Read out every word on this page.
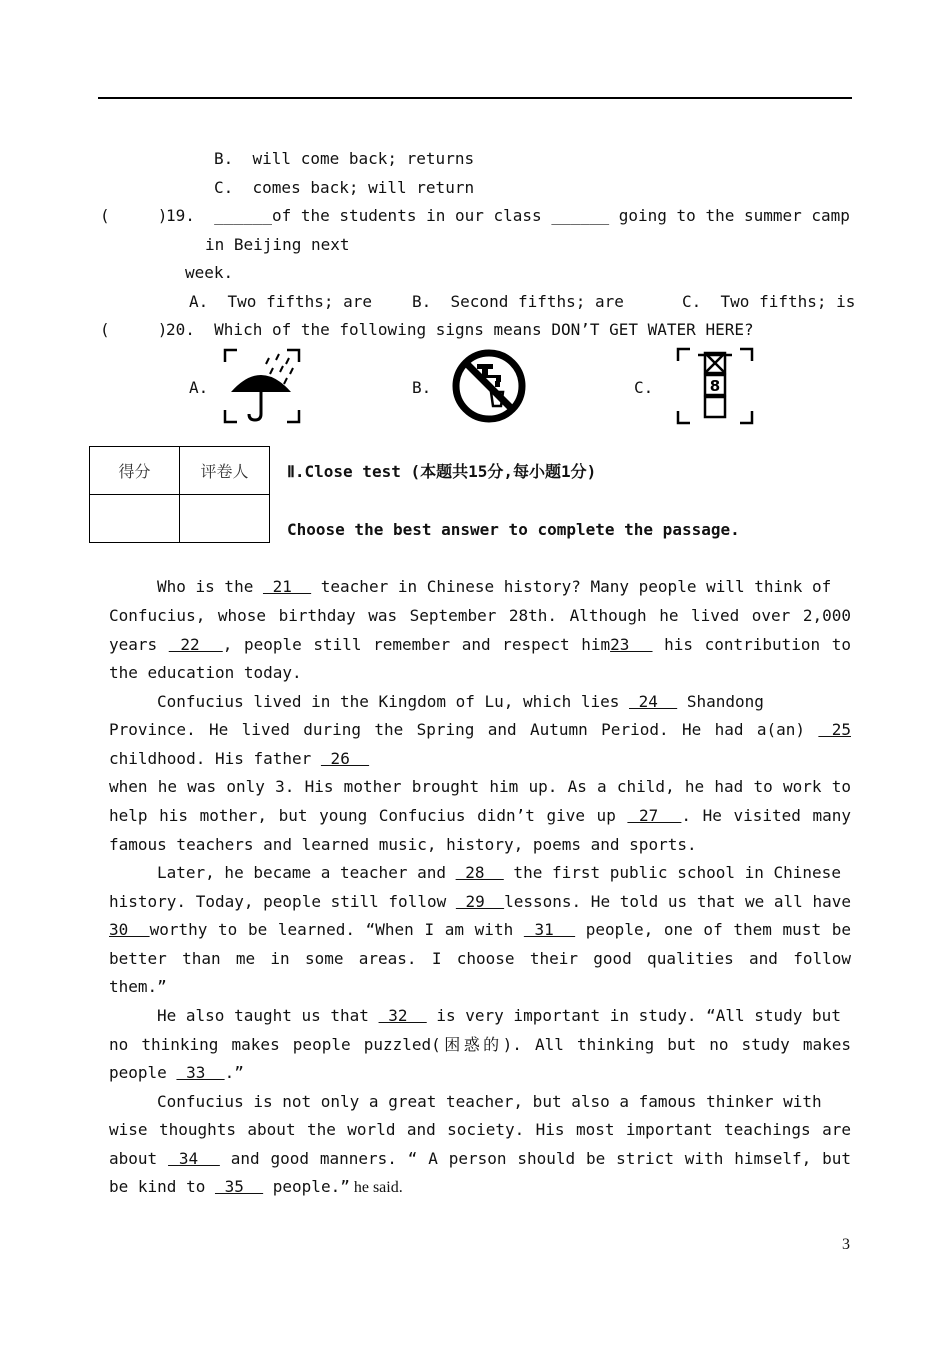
B.  will come back; returns
C.  comes back; will return
(     )
19.  ______of the students in our class ______ going to the summer camp
in Beijing next
week.
A.  Two fifths; are B.  Second fifths; are	C.  Two fifths; is
(     )
20.  Which of the following signs means DON’T GET WATER HERE?
A.	B.	C.	8
得分	评卷人
	Ⅱ.Close test (本题共15分,每小题1分)
Choose the best answer to complete the passage.
Who is the  21   teacher in Chinese history? Many people will think of
Confucius, whose birthday was September 28th. Although he lived over 2,000
years  22  , people still remember and respect him23   his contribution to
the education today.
Confucius lived in the Kingdom of Lu, which lies  24   Shandong
Province. He lived during the Spring and Autumn Period. He had a(an)  25
childhood. His father  26
when he was only 3. His mother brought him up. As a child, he had to work to
help his mother, but young Confucius didn’t give up  27  . He visited many
famous teachers and learned music, history, poems and sports.
Later, he became a teacher and  28   the first public school in Chinese
history. Today, people still follow  29  lessons. He told us that we all have
30  worthy to be learned. “When I am with  31   people, one of them must be
better than me in some areas. I choose their good qualities and follow
them.”
He also taught us that  32   is very important in study. “All study but
no thinking makes people puzzled(困惑的). All thinking but no study makes
people  33  .”
Confucius is not only a great teacher, but also a famous thinker with
wise thoughts about the world and society. His most important teachings are
about  34   and good manners. “ A person should be strict with himself, but
be kind to  35   people.” he said.
3
